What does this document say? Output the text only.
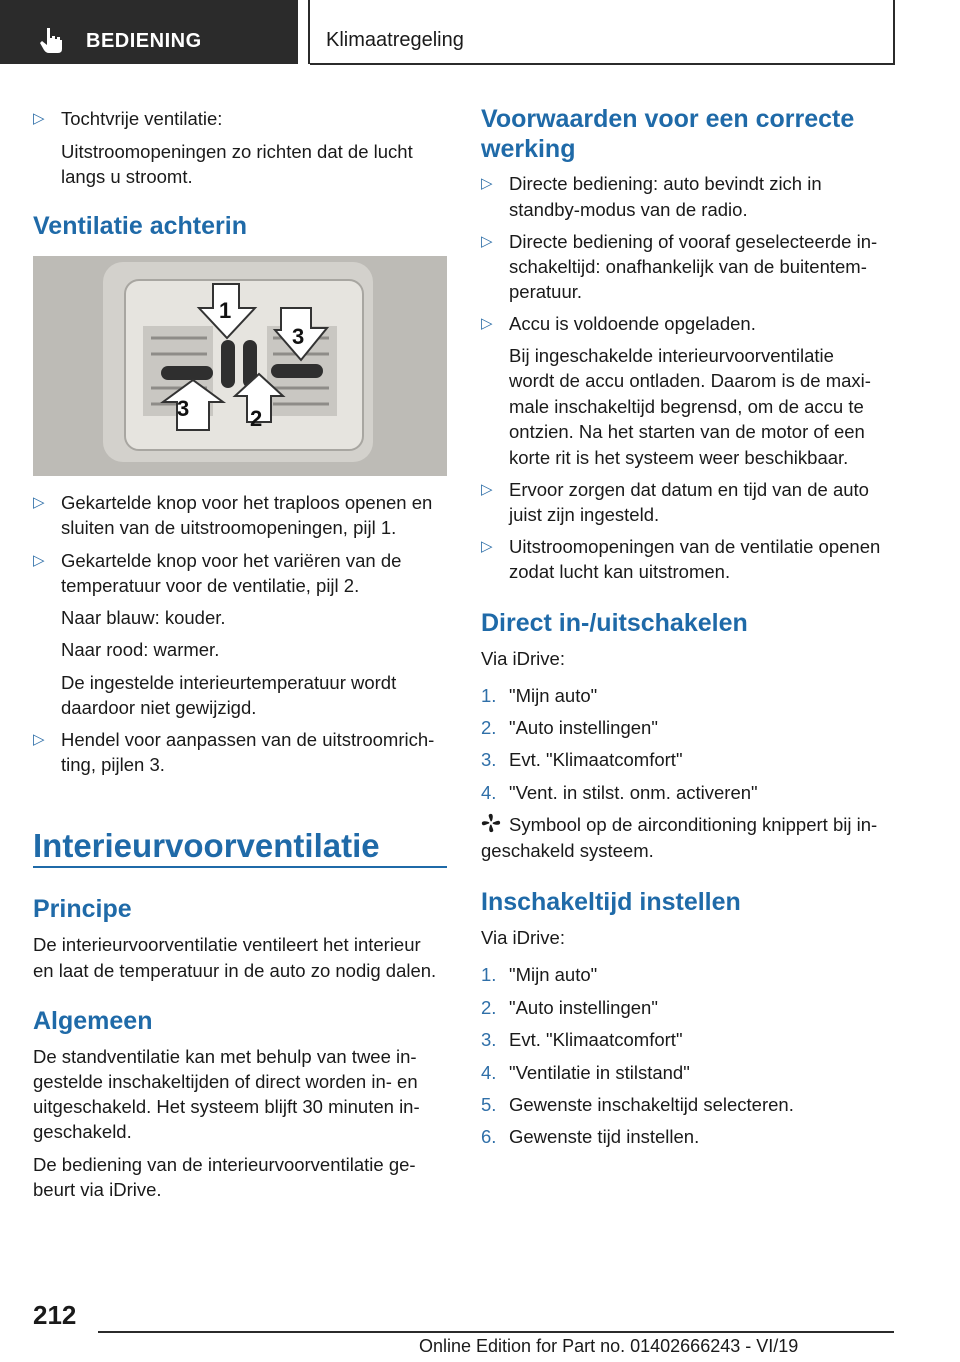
BEDIENING	Klimaatregeling
▷ Tochtvrije ventilatie:
Uitstroomopeningen zo richten dat de lucht
langs u stroomt.
Ventilatie achterin
1
2
3
3
▷ Gekartelde knop voor het traploos openen en
sluiten van de uitstroomopeningen, pijl 1.
▷ Gekartelde knop voor het variëren van de
temperatuur voor de ventilatie, pijl 2.
Naar blauw: kouder.
Naar rood: warmer.
De ingestelde interieurtemperatuur wordt
daardoor niet gewijzigd.
▷ Hendel voor aanpassen van de uitstroomrich-
ting, pijlen 3.
Interieurvoorventilatie
Principe
De interieurvoorventilatie ventileert het interieur
en laat de temperatuur in de auto zo nodig dalen.
Algemeen
De standventilatie kan met behulp van twee in-
gestelde inschakeltijden of direct worden in- en
uitgeschakeld. Het systeem blijft 30 minuten in-
geschakeld.
De bediening van de interieurvoorventilatie ge-
beurt via iDrive.
Voorwaarden voor een correcte
werking
▷ Directe bediening: auto bevindt zich in
standby-modus van de radio.
▷ Directe bediening of vooraf geselecteerde in-
schakeltijd: onafhankelijk van de buitentem-
peratuur.
▷ Accu is voldoende opgeladen.
Bij ingeschakelde interieurvoorventilatie
wordt de accu ontladen. Daarom is de maxi-
male inschakeltijd begrensd, om de accu te
ontzien. Na het starten van de motor of een
korte rit is het systeem weer beschikbaar.
▷ Ervoor zorgen dat datum en tijd van de auto
juist zijn ingesteld.
▷ Uitstroomopeningen van de ventilatie openen
zodat lucht kan uitstromen.
Direct in-/uitschakelen
Via iDrive:
1. "Mijn auto"
2. "Auto instellingen"
3. Evt. "Klimaatcomfort"
4. "Vent. in stilst. onm. activeren"
Symbool op de airconditioning knippert bij in-
geschakeld systeem.
Inschakeltijd instellen
Via iDrive:
1. "Mijn auto"
2. "Auto instellingen"
3. Evt. "Klimaatcomfort"
4. "Ventilatie in stilstand"
5. Gewenste inschakeltijd selecteren.
6. Gewenste tijd instellen.
212
Online Edition for Part no. 01402666243 - VI/19
